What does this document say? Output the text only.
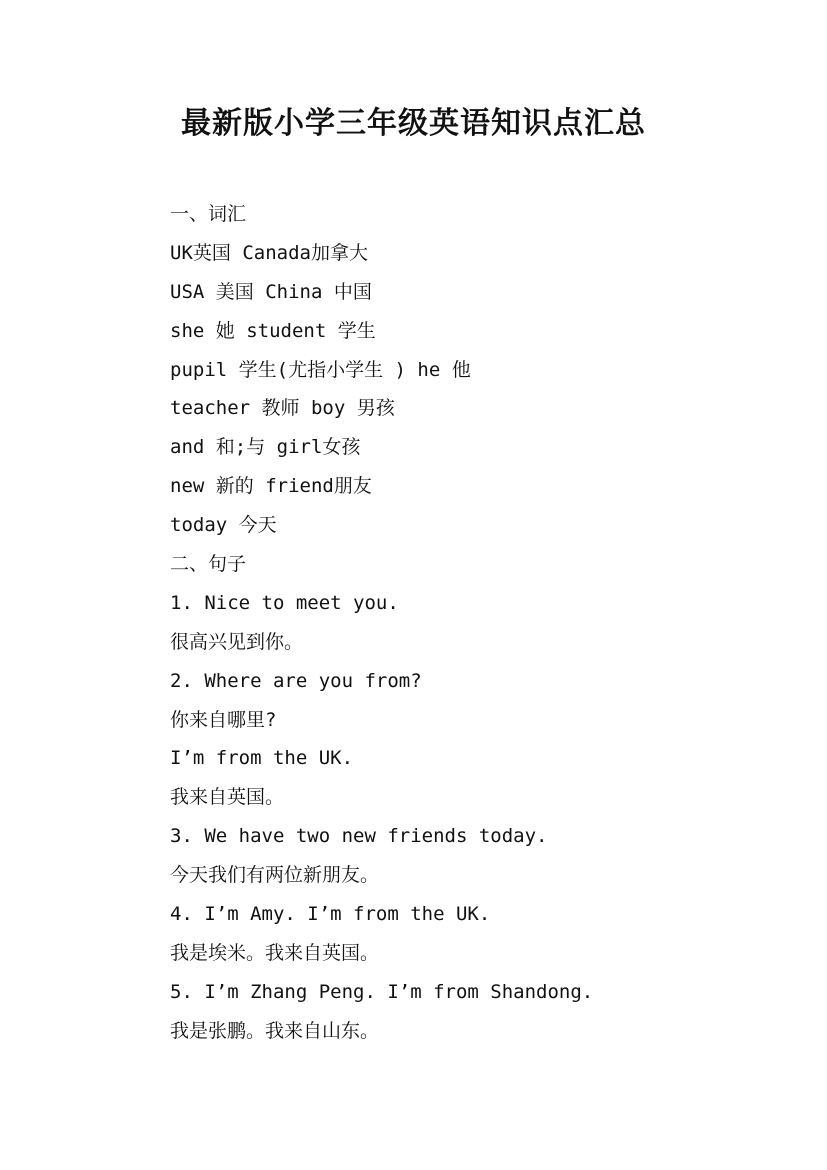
最新版小学三年级英语知识点汇总
一、词汇
UK英国 Canada加拿大
USA 美国 China 中国
she 她 student 学生
pupil 学生(尤指小学生 ) he 他
teacher 教师 boy 男孩
and 和;与 girl女孩
new 新的 friend朋友
today 今天
二、句子
1. Nice to meet you.
很高兴见到你。
2. Where are you from?
你来自哪里?
I’m from the UK.
我来自英国。
3. We have two new friends today.
今天我们有两位新朋友。
4. I’m Amy. I’m from the UK.
我是埃米。我来自英国。
5. I’m Zhang Peng. I’m from Shandong.
我是张鹏。我来自山东。
